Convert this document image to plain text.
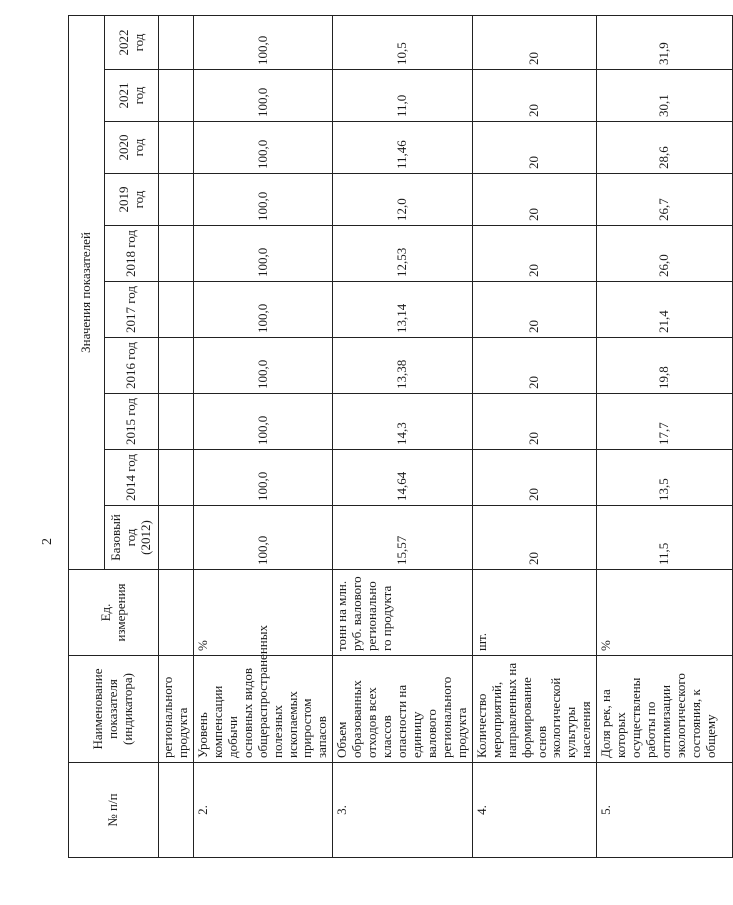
2
№ п/п	Наименование показателя (индикатора)	Ед. измерения	Значения показателей									
			Базовый год (2012)	2014 год	2015 год	2016 год	2017 год	2018 год	2019 год	2020 год	2021 год	2022 год
	регионального продукта											
2.	Уровень компенсации добычи основных видов общераспространенных полезных ископаемых приростом запасов	%	100,0	100,0	100,0	100,0	100,0	100,0	100,0	100,0	100,0	100,0
3.	Объем образованных отходов всех классов опасности на единицу валового регионального продукта	тонн на млн. руб. валового регионально го продукта	15,57	14,64	14,3	13,38	13,14	12,53	12,0	11,46	11,0	10,5
4.	Количество мероприятий, направленных на формирование основ экологической культуры населения	шт.	20	20	20	20	20	20	20	20	20	20
5.	Доля рек, на которых осуществлены работы по оптимизации экологического состояния, к общему	%	11,5	13,5	17,7	19,8	21,4	26,0	26,7	28,6	30,1	31,9
